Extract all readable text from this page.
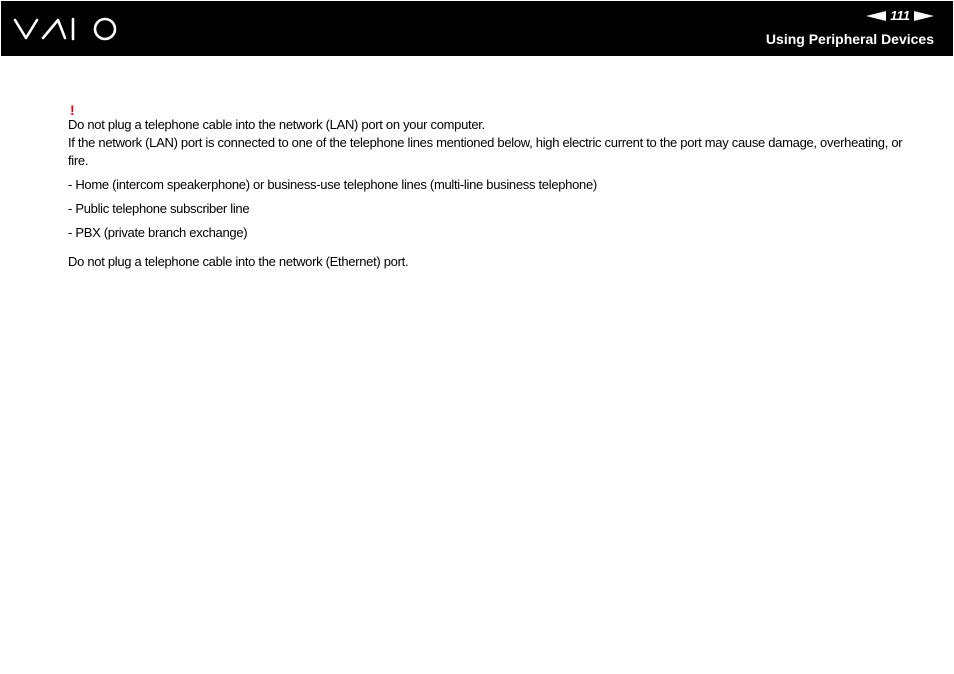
111
Using Peripheral Devices
!

Do not plug a telephone cable into the network (LAN) port on your computer.

If the network (LAN) port is connected to one of the telephone lines mentioned below, high electric current to the port may cause damage, overheating, or fire.

- Home (intercom speakerphone) or business-use telephone lines (multi-line business telephone)
- Public telephone subscriber line
- PBX (private branch exchange)

Do not plug a telephone cable into the network (Ethernet) port.
